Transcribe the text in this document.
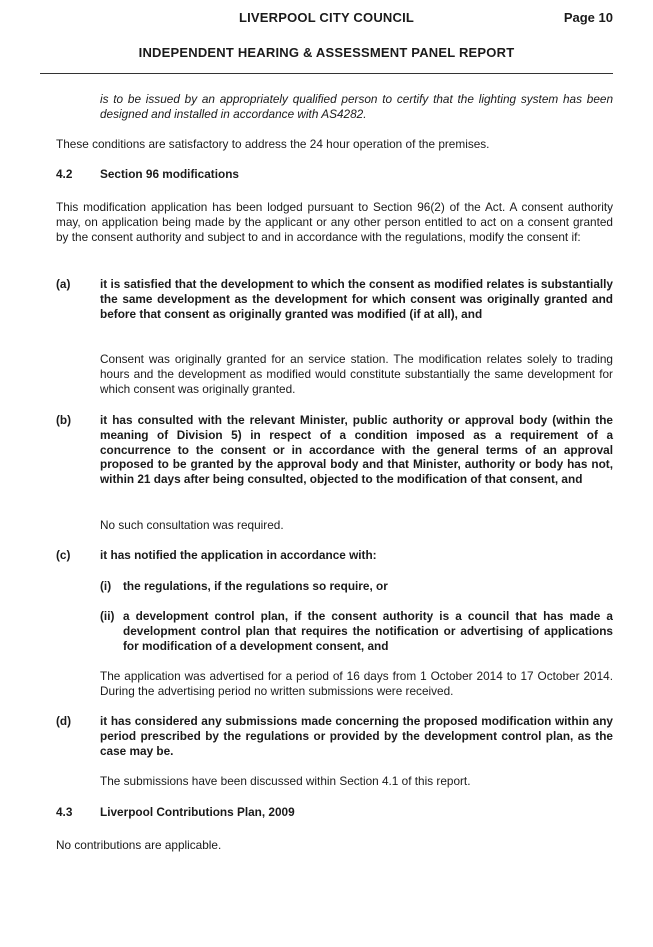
LIVERPOOL CITY COUNCIL	Page 10
INDEPENDENT HEARING & ASSESSMENT PANEL REPORT

is to be issued by an appropriately qualified person to certify that the lighting system has been designed and installed in accordance with AS4282.

These conditions are satisfactory to address the 24 hour operation of the premises.

4.2 Section 96 modifications

This modification application has been lodged pursuant to Section 96(2) of the Act. A consent authority may, on application being made by the applicant or any other person entitled to act on a consent granted by the consent authority and subject to and in accordance with the regulations, modify the consent if:

(a)	it is satisfied that the development to which the consent as modified relates is substantially the same development as the development for which consent was originally granted and before that consent as originally granted was modified (if at all), and

Consent was originally granted for an service station. The modification relates solely to trading hours and the development as modified would constitute substantially the same development for which consent was originally granted.

(b) it has consulted with the relevant Minister, public authority or approval body (within the meaning of Division 5) in respect of a condition imposed as a requirement of a concurrence to the consent or in accordance with the general terms of an approval proposed to be granted by the approval body and that Minister, authority or body has not, within 21 days after being consulted, objected to the modification of that consent, and

No such consultation was required.

(c)	it has notified the application in accordance with:

(i) the regulations, if the regulations so require, or

(ii) a development control plan, if the consent authority is a council that has made a development control plan that requires the notification or advertising of applications for modification of a development consent, and

The application was advertised for a period of 16 days from 1 October 2014 to 17 October 2014. During the advertising period no written submissions were received.

(d) it has considered any submissions made concerning the proposed modification within any period prescribed by the regulations or provided by the development control plan, as the case may be.

The submissions have been discussed within Section 4.1 of this report.

4.3 Liverpool Contributions Plan, 2009

No contributions are applicable.
